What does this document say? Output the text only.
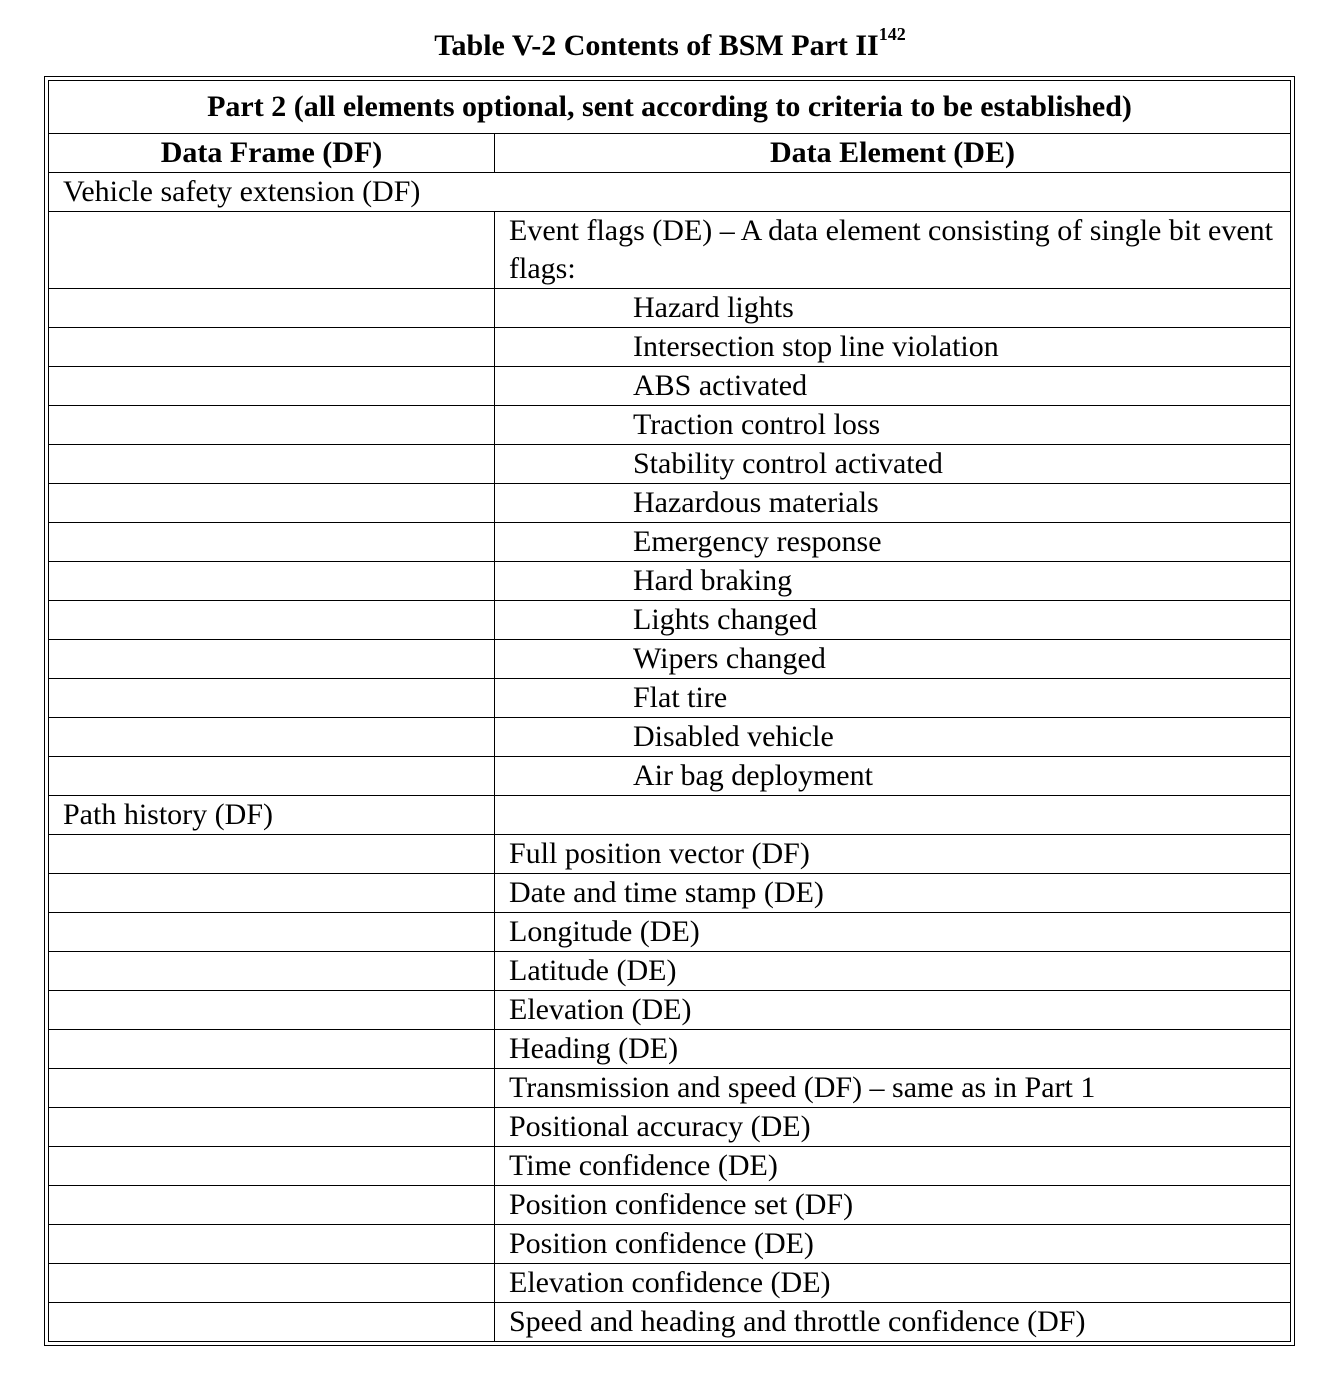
Table V-2 Contents of BSM Part II$^{142}$
Part 2 (all elements optional, sent according to criteria to be established)	
Data Frame (DF)	Data Element (DE)
Vehicle safety extension (DF)	
	Event flags (DE) – A data element consisting of single bit event flags:
	Hazard lights
	Intersection stop line violation
	ABS activated
	Traction control loss
	Stability control activated
	Hazardous materials
	Emergency response
	Hard braking
	Lights changed
	Wipers changed
	Flat tire
	Disabled vehicle
	Air bag deployment
Path history (DF)	
	Full position vector (DF)
	Date and time stamp (DE)
	Longitude (DE)
	Latitude (DE)
	Elevation (DE)
	Heading (DE)
	Transmission and speed (DF) – same as in Part 1
	Positional accuracy (DE)
	Time confidence (DE)
	Position confidence set (DF)
	Position confidence (DE)
	Elevation confidence (DE)
	Speed and heading and throttle confidence (DF)
